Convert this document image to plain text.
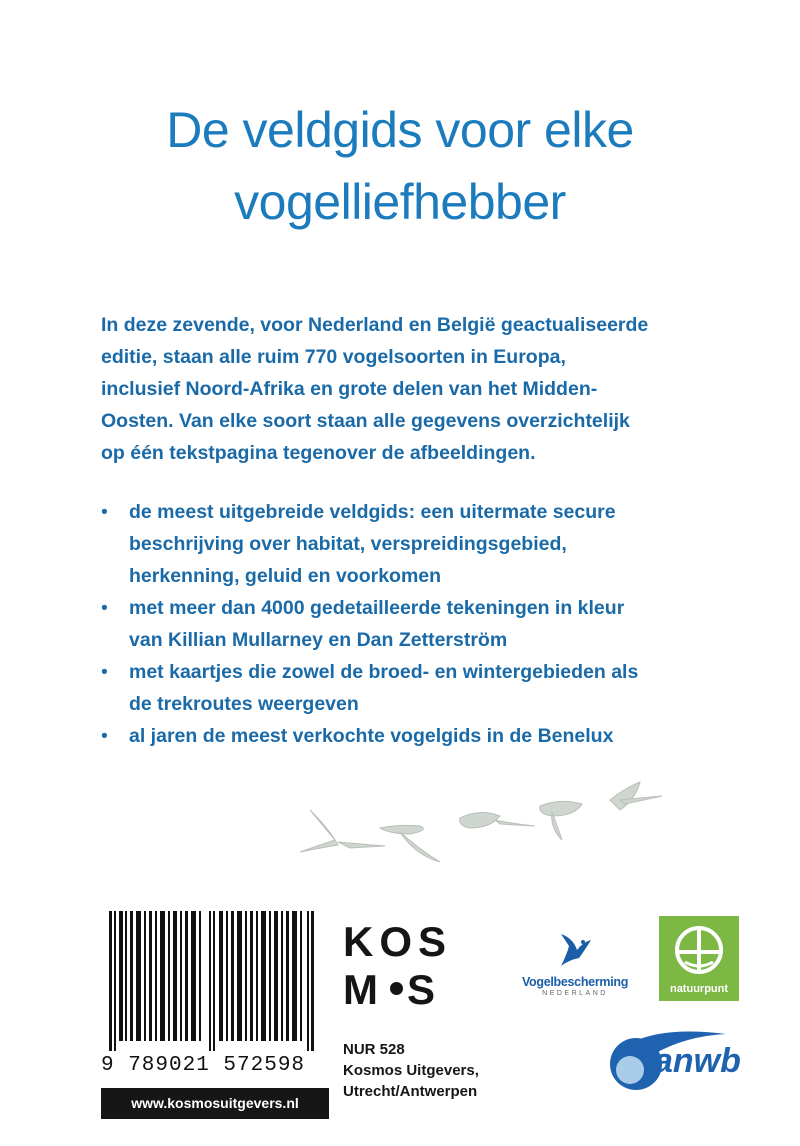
De veldgids voor elke
vogelliefhebber
In deze zevende, voor Nederland en België geactualiseerde
editie, staan alle ruim 770 vogelsoorten in Europa,
inclusief Noord-Afrika en grote delen van het Midden-
Oosten. Van elke soort staan alle gegevens overzichtelijk
op één tekstpagina tegenover de afbeeldingen.
• de meest uitgebreide veldgids: een uitermate secure
beschrijving over habitat, verspreidingsgebied,
herkenning, geluid en voorkomen
• met meer dan 4000 gedetailleerde tekeningen in kleur
van Killian Mullarney en Dan Zetterström
• met kaartjes die zowel de broed- en wintergebieden als
de trekroutes weergeven
• al jaren de meest verkochte vogelgids in de Benelux
9 789021 572598
www.kosmosuitgevers.nl
KOS
M S
NUR 528
Kosmos Uitgevers,
Utrecht/Antwerpen
Vogelbescherming
NEDERLAND	natuurpunt
anwb
